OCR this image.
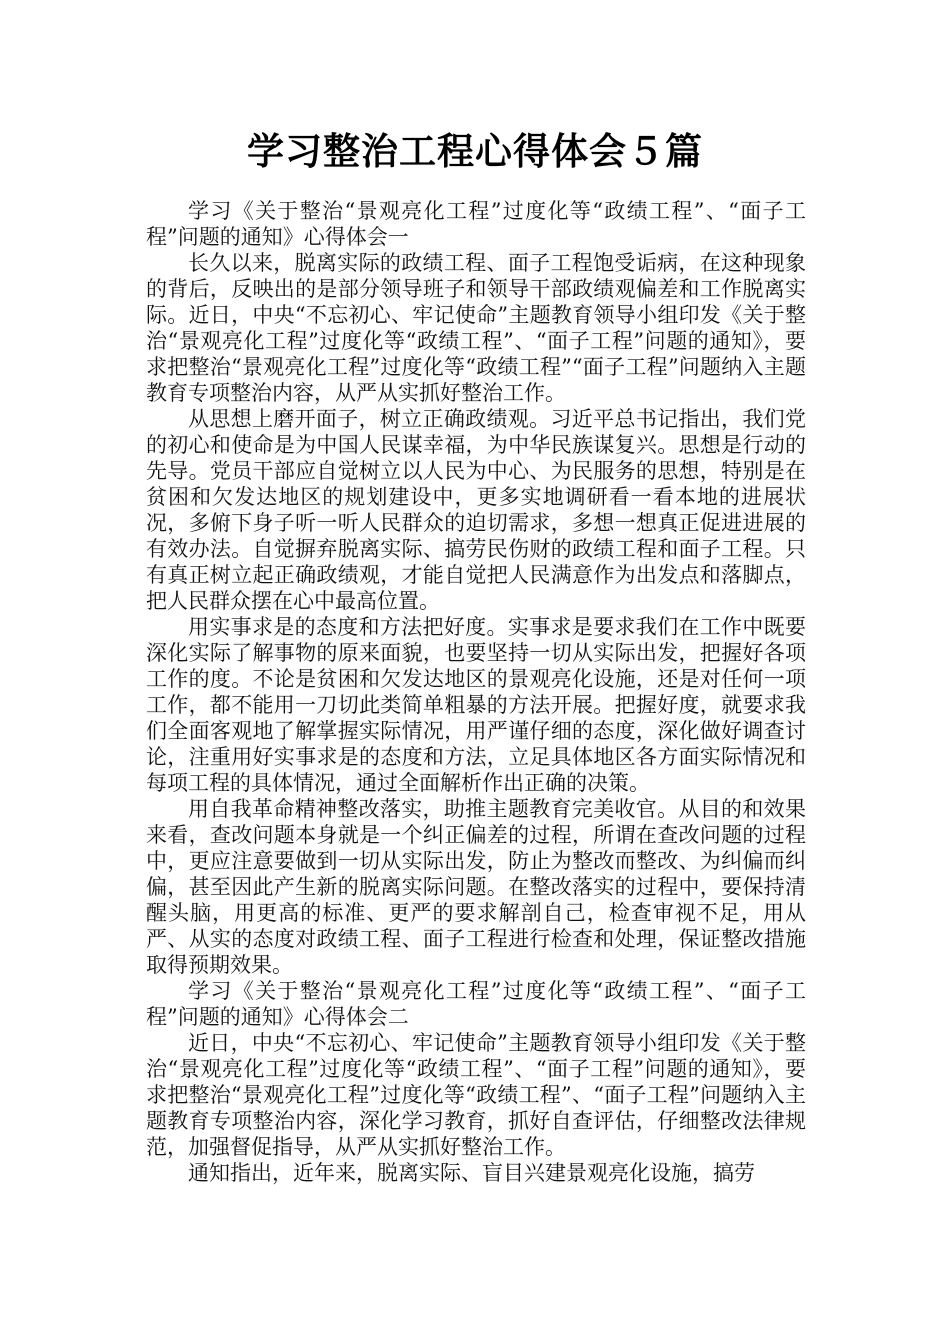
学习整治工程心得体会５篇

学习《关于整治“景观亮化工程”过度化等“政绩工程”、“面子工程”问题的通知》心得体会一

长久以来，脱离实际的政绩工程、面子工程饱受诟病，在这种现象的背后，反映出的是部分领导班子和领导干部政绩观偏差和工作脱离实际。近日，中央“不忘初心、牢记使命”主题教育领导小组印发《关于整治“景观亮化工程”过度化等“政绩工程”、“面子工程”问题的通知》，要求把整治“景观亮化工程”过度化等“政绩工程”“面子工程”问题纳入主题教育专项整治内容，从严从实抓好整治工作。

从思想上磨开面子，树立正确政绩观。习近平总书记指出，我们党的初心和使命是为中国人民谋幸福，为中华民族谋复兴。思想是行动的先导。党员干部应自觉树立以人民为中心、为民服务的思想，特别是在贫困和欠发达地区的规划建设中，更多实地调研看一看本地的进展状况，多俯下身子听一听人民群众的迫切需求，多想一想真正促进进展的有效办法。自觉摒弃脱离实际、搞劳民伤财的政绩工程和面子工程。只有真正树立起正确政绩观，才能自觉把人民满意作为出发点和落脚点，把人民群众摆在心中最高位置。

用实事求是的态度和方法把好度。实事求是要求我们在工作中既要深化实际了解事物的原来面貌，也要坚持一切从实际出发，把握好各项工作的度。不论是贫困和欠发达地区的景观亮化设施，还是对任何一项工作，都不能用一刀切此类简单粗暴的方法开展。把握好度，就要求我们全面客观地了解掌握实际情况，用严谨仔细的态度，深化做好调查讨论，注重用好实事求是的态度和方法，立足具体地区各方面实际情况和每项工程的具体情况，通过全面解析作出正确的决策。

用自我革命精神整改落实，助推主题教育完美收官。从目的和效果来看，查改问题本身就是一个纠正偏差的过程，所谓在查改问题的过程中，更应注意要做到一切从实际出发，防止为整改而整改、为纠偏而纠偏，甚至因此产生新的脱离实际问题。在整改落实的过程中，要保持清醒头脑，用更高的标准、更严的要求解剖自己，检查审视不足，用从严、从实的态度对政绩工程、面子工程进行检查和处理，保证整改措施取得预期效果。

学习《关于整治“景观亮化工程”过度化等“政绩工程”、“面子工程”问题的通知》心得体会二

近日，中央“不忘初心、牢记使命”主题教育领导小组印发《关于整治“景观亮化工程”过度化等“政绩工程”、“面子工程”问题的通知》，要求把整治“景观亮化工程”过度化等“政绩工程”、“面子工程”问题纳入主题教育专项整治内容，深化学习教育，抓好自查评估，仔细整改法律规范，加强督促指导，从严从实抓好整治工作。

通知指出，近年来，脱离实际、盲目兴建景观亮化设施，搞劳
